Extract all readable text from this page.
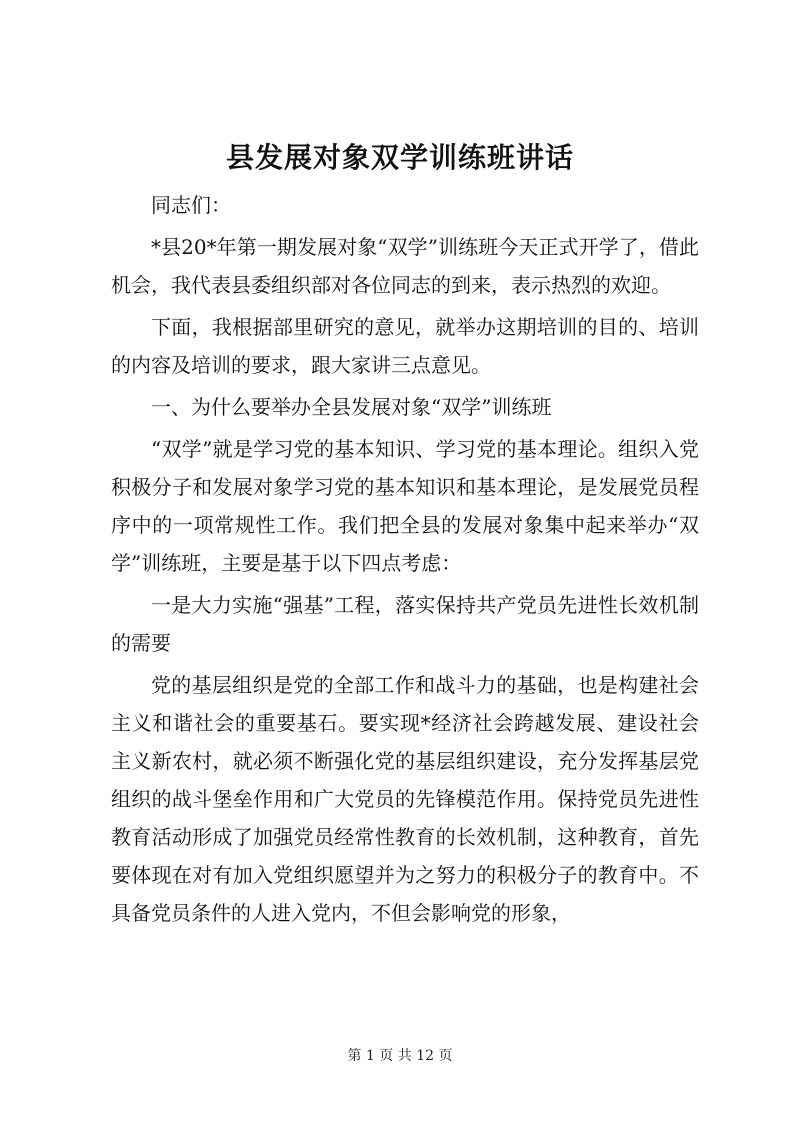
县发展对象双学训练班讲话

同志们：

*县20*年第一期发展对象“双学”训练班今天正式开学了，借此机会，我代表县委组织部对各位同志的到来，表示热烈的欢迎。

下面，我根据部里研究的意见，就举办这期培训的目的、培训的内容及培训的要求，跟大家讲三点意见。

一、为什么要举办全县发展对象“双学”训练班

“双学”就是学习党的基本知识、学习党的基本理论。组织入党积极分子和发展对象学习党的基本知识和基本理论，是发展党员程序中的一项常规性工作。我们把全县的发展对象集中起来举办“双学”训练班，主要是基于以下四点考虑：

一是大力实施“强基”工程，落实保持共产党员先进性长效机制的需要

党的基层组织是党的全部工作和战斗力的基础，也是构建社会主义和谐社会的重要基石。要实现*经济社会跨越发展、建设社会主义新农村，就必须不断强化党的基层组织建设，充分发挥基层党组织的战斗堡垒作用和广大党员的先锋模范作用。保持党员先进性教育活动形成了加强党员经常性教育的长效机制，这种教育，首先要体现在对有加入党组织愿望并为之努力的积极分子的教育中。不具备党员条件的人进入党内，不但会影响党的形象，

第 1 页 共 12 页
